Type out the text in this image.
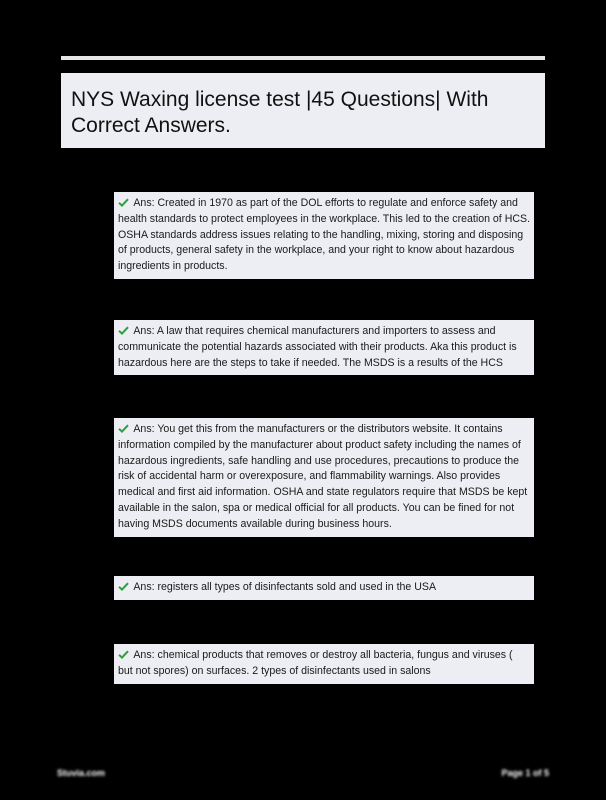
NYS Waxing license test |45 Questions| With Correct Answers.
Ans: Created in 1970 as part of the DOL efforts to regulate and enforce safety and health standards to protect employees in the workplace. This led to the creation of HCS. OSHA standards address issues relating to the handling, mixing, storing and disposing of products, general safety in the workplace, and your right to know about hazardous ingredients in products.
Ans: A law that requires chemical manufacturers and importers to assess and communicate the potential hazards associated with their products. Aka this product is hazardous here are the steps to take if needed. The MSDS is a results of the HCS
Ans: You get this from the manufacturers or the distributors website. It contains information compiled by the manufacturer about product safety including the names of hazardous ingredients, safe handling and use procedures, precautions to produce the risk of accidental harm or overexposure, and flammability warnings. Also provides medical and first aid information. OSHA and state regulators require that MSDS be kept available in the salon, spa or medical official for all products. You can be fined for not having MSDS documents available during business hours.
Ans: registers all types of disinfectants sold and used in the USA
Ans: chemical products that removes or destroy all bacteria, fungus and viruses ( but not spores) on surfaces. 2 types of disinfectants used in salons
Stuvia.com	Page 1 of 5
